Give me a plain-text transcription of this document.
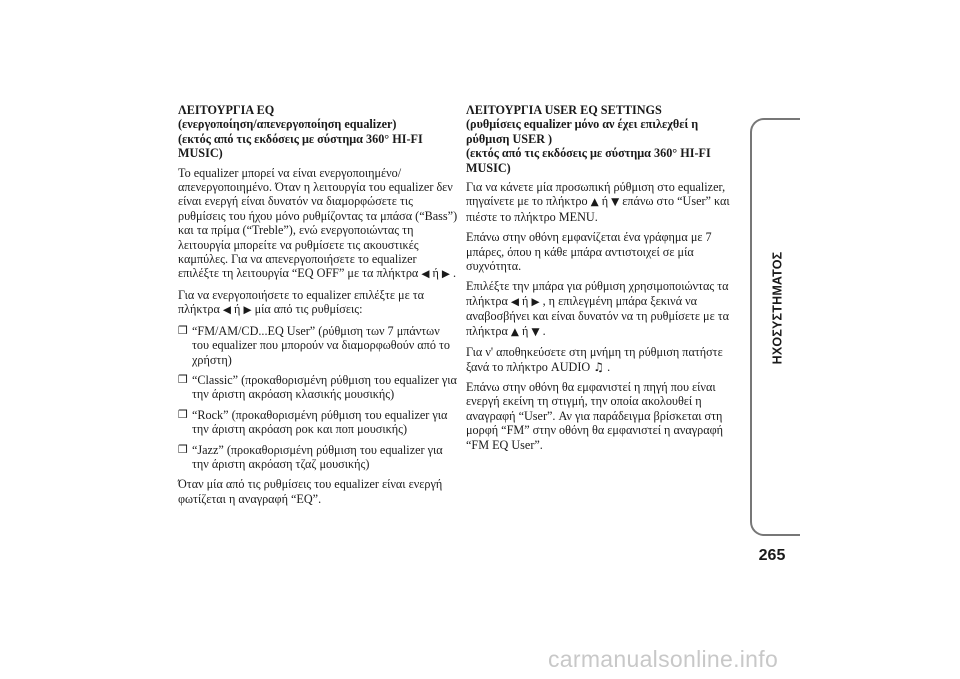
ΛΕΙΤΟΥΡΓΙΑ EQ
(ενεργοποίηση/απενεργοποίηση equalizer)
(εκτός από τις εκδόσεις με σύστημα 360° HI-FI
MUSIC)

Το equalizer μπορεί να είναι ενεργοποιημένο/απενεργοποιημένο. Όταν η λειτουργία του equalizer δεν είναι ενεργή είναι δυνατόν να διαμορφώσετε τις ρυθμίσεις του ήχου μόνο ρυθμίζοντας τα μπάσα (“Bass”) και τα πρίμα (“Treble”), ενώ ενεργοποιώντας τη λειτουργία μπορείτε να ρυθμίσετε τις ακουστικές καμπύλες. Για να απενεργοποιήσετε το equalizer επιλέξτε τη λειτουργία “EQ OFF” με τα πλήκτρα ◀ ή ▶ .

Για να ενεργοποιήσετε το equalizer επιλέξτε με τα πλήκτρα ◀ ή ▶ μία από τις ρυθμίσεις:

❒ “FM/AM/CD...EQ User” (ρύθμιση των 7 μπάντων του equalizer που μπορούν να διαμορφωθούν από το χρήστη)
❒ “Classic” (προκαθορισμένη ρύθμιση του equalizer για την άριστη ακρόαση κλασικής μουσικής)
❒ “Rock” (προκαθορισμένη ρύθμιση του equalizer για την άριστη ακρόαση ροκ και ποπ μουσικής)
❒ “Jazz” (προκαθορισμένη ρύθμιση του equalizer για την άριστη ακρόαση τζαζ μουσικής)

Όταν μία από τις ρυθμίσεις του equalizer είναι ενεργή φωτίζεται η αναγραφή “EQ”.

ΛΕΙΤΟΥΡΓΙΑ USER EQ SETTINGS
(ρυθμίσεις equalizer μόνο αν έχει επιλεχθεί η
ρύθμιση USER )
(εκτός από τις εκδόσεις με σύστημα 360° HI-FI
MUSIC)

Για να κάνετε μία προσωπική ρύθμιση στο equalizer, πηγαίνετε με το πλήκτρο ▲ ή ▼ επάνω στο “User” και πιέστε το πλήκτρο MENU.

Επάνω στην οθόνη εμφανίζεται ένα γράφημα με 7 μπάρες, όπου η κάθε μπάρα αντιστοιχεί σε μία συχνότητα.

Επιλέξτε την μπάρα για ρύθμιση χρησιμοποιώντας τα πλήκτρα ◀ ή ▶ , η επιλεγμένη μπάρα ξεκινά να αναβοσβήνει και είναι δυνατόν να τη ρυθμίσετε με τα πλήκτρα ▲ ή ▼ .

Για ν' αποθηκεύσετε στη μνήμη τη ρύθμιση πατήστε ξανά το πλήκτρο AUDIO ♫ .

Επάνω στην οθόνη θα εμφανιστεί η πηγή που είναι ενεργή εκείνη τη στιγμή, την οποία ακολουθεί η αναγραφή “User”. Αν για παράδειγμα βρίσκεται στη μορφή “FM” στην οθόνη θα εμφανιστεί η αναγραφή “FM EQ User”.

ΗΧΟΣΥΣΤΗΜΑΤΟΣ
265
carmanualsonline.info
